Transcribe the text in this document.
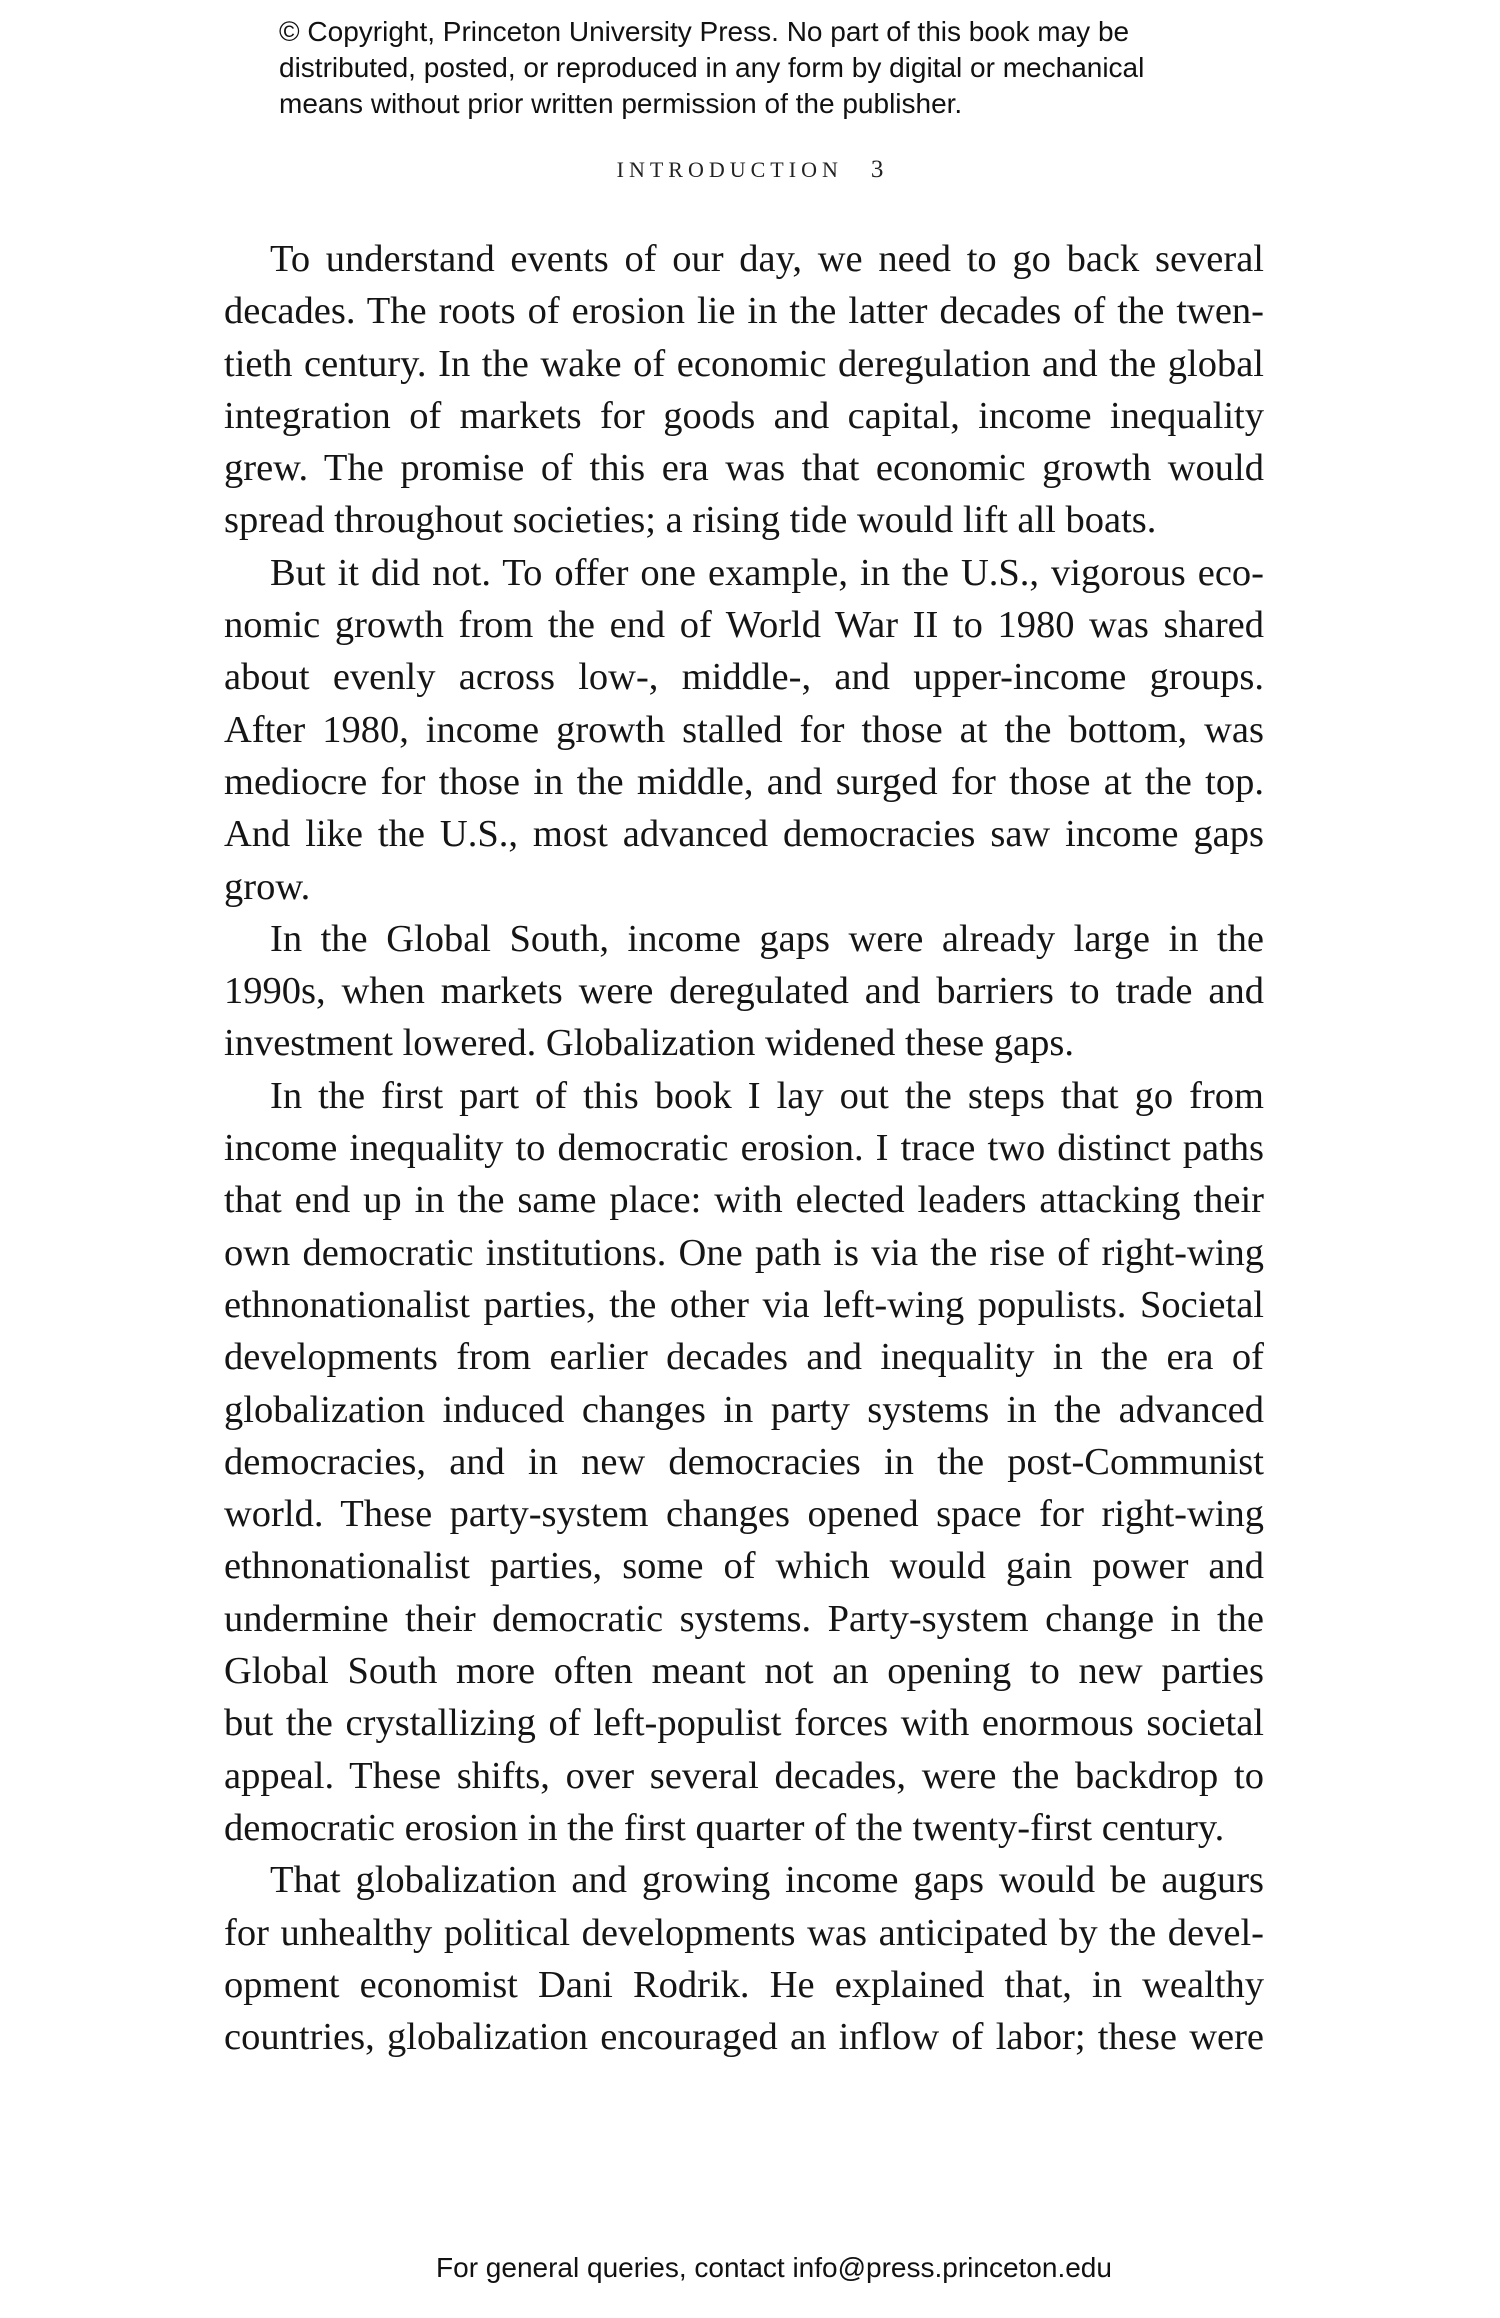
© Copyright, Princeton University Press. No part of this book may be
distributed, posted, or reproduced in any form by digital or mechanical
means without prior written permission of the publisher.
INTRODUCTION 3

To understand events of our day, we need to go back several
decades. The roots of erosion lie in the latter decades of the twen-
tieth century. In the wake of economic deregulation and the global
integration of markets for goods and capital, income inequality
grew. The promise of this era was that economic growth would
spread throughout societies; a rising tide would lift all boats.

But it did not. To offer one example, in the U.S., vigorous eco-
nomic growth from the end of World War II to 1980 was shared
about evenly across low-, middle-, and upper-income groups.
After 1980, income growth stalled for those at the bottom, was
mediocre for those in the middle, and surged for those at the top.
And like the U.S., most advanced democracies saw income gaps
grow.

In the Global South, income gaps were already large in the
1990s, when markets were deregulated and barriers to trade and
investment lowered. Globalization widened these gaps.

In the first part of this book I lay out the steps that go from
income inequality to democratic erosion. I trace two distinct paths
that end up in the same place: with elected leaders attacking their
own democratic institutions. One path is via the rise of right-wing
ethnonationalist parties, the other via left-wing populists. Societal
developments from earlier decades and inequality in the era of
globalization induced changes in party systems in the advanced
democracies, and in new democracies in the post-Communist
world. These party-system changes opened space for right-wing
ethnonationalist parties, some of which would gain power and
undermine their democratic systems. Party-system change in the
Global South more often meant not an opening to new parties
but the crystallizing of left-populist forces with enormous societal
appeal. These shifts, over several decades, were the backdrop to
democratic erosion in the first quarter of the twenty-first century.

That globalization and growing income gaps would be augurs
for unhealthy political developments was anticipated by the devel-
opment economist Dani Rodrik. He explained that, in wealthy
countries, globalization encouraged an inflow of labor; these were

For general queries, contact info@press.princeton.edu
